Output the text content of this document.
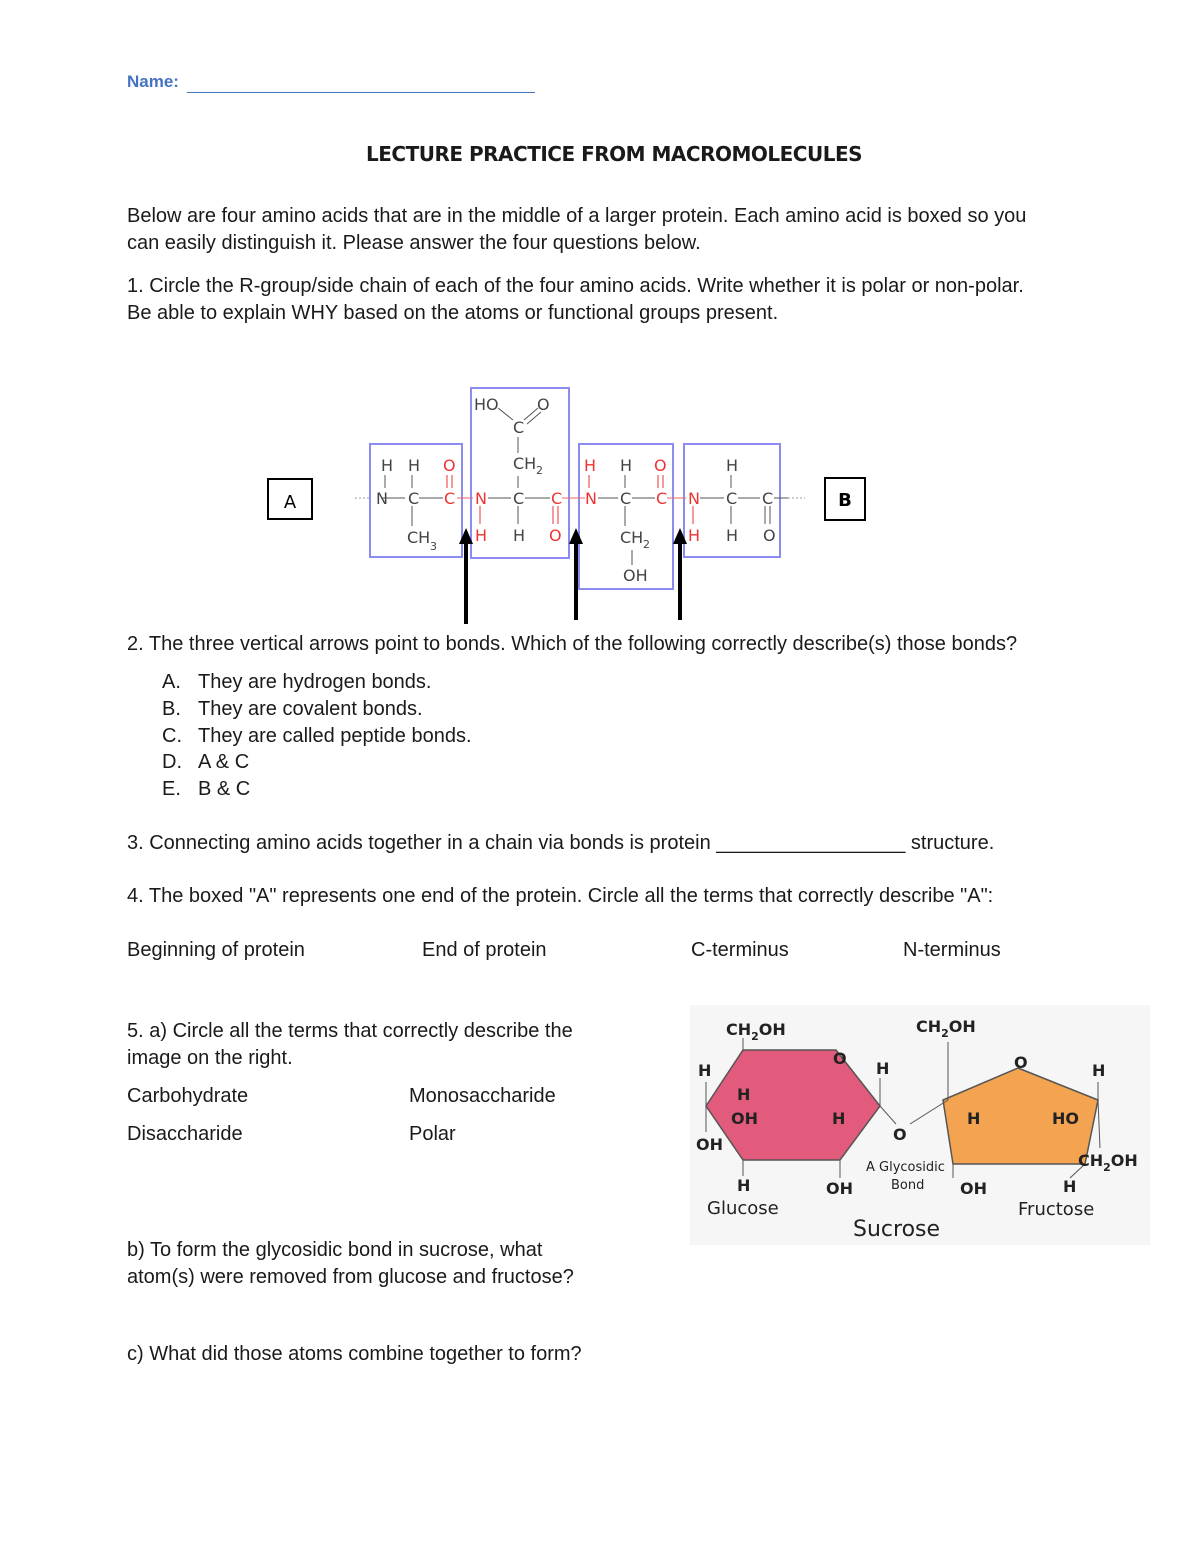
Name:
LECTURE PRACTICE FROM MACROMOLECULES
Below are four amino acids that are in the middle of a larger protein. Each amino acid is boxed so you
can easily distinguish it. Please answer the four questions below.
1. Circle the R-group/side chain of each of the four amino acids. Write whether it is polar or non-polar.
Be able to explain WHY based on the atoms or functional groups present.
A	B
N
H
C
H
CH 3
C
O
N
H
C
O
C
H
CH 2
C
HO O
N
H
C
O
C
H
CH 2
OH
N
H
C
H
H
C
O
2. The three vertical arrows point to bonds. Which of the following correctly describe(s) those bonds?
A. They are hydrogen bonds.
B. They are covalent bonds.
C. They are called peptide bonds.
D. A & C
E. B & C
3. Connecting amino acids together in a chain via bonds is protein _________________ structure.
4. The boxed "A" represents one end of the protein. Circle all the terms that correctly describe "A":
Beginning of protein	End of protein	C-terminus	N-terminus
5. a) Circle all the terms that correctly describe the
image on the right.
Carbohydrate	Monosaccharide
Disaccharide	Polar
b) To form the glycosidic bond in sucrose, what
atom(s) were removed from glucose and fructose?
c) What did those atoms combine together to form?
$CH_2OH$	$CH_2OH$
O
H	H
H
OH	H
OH
H	OH
O
O	H
H	HO
$CH_2OH$
OH	H
A Glycosidic
Bond
Glucose	Fructose
Sucrose
